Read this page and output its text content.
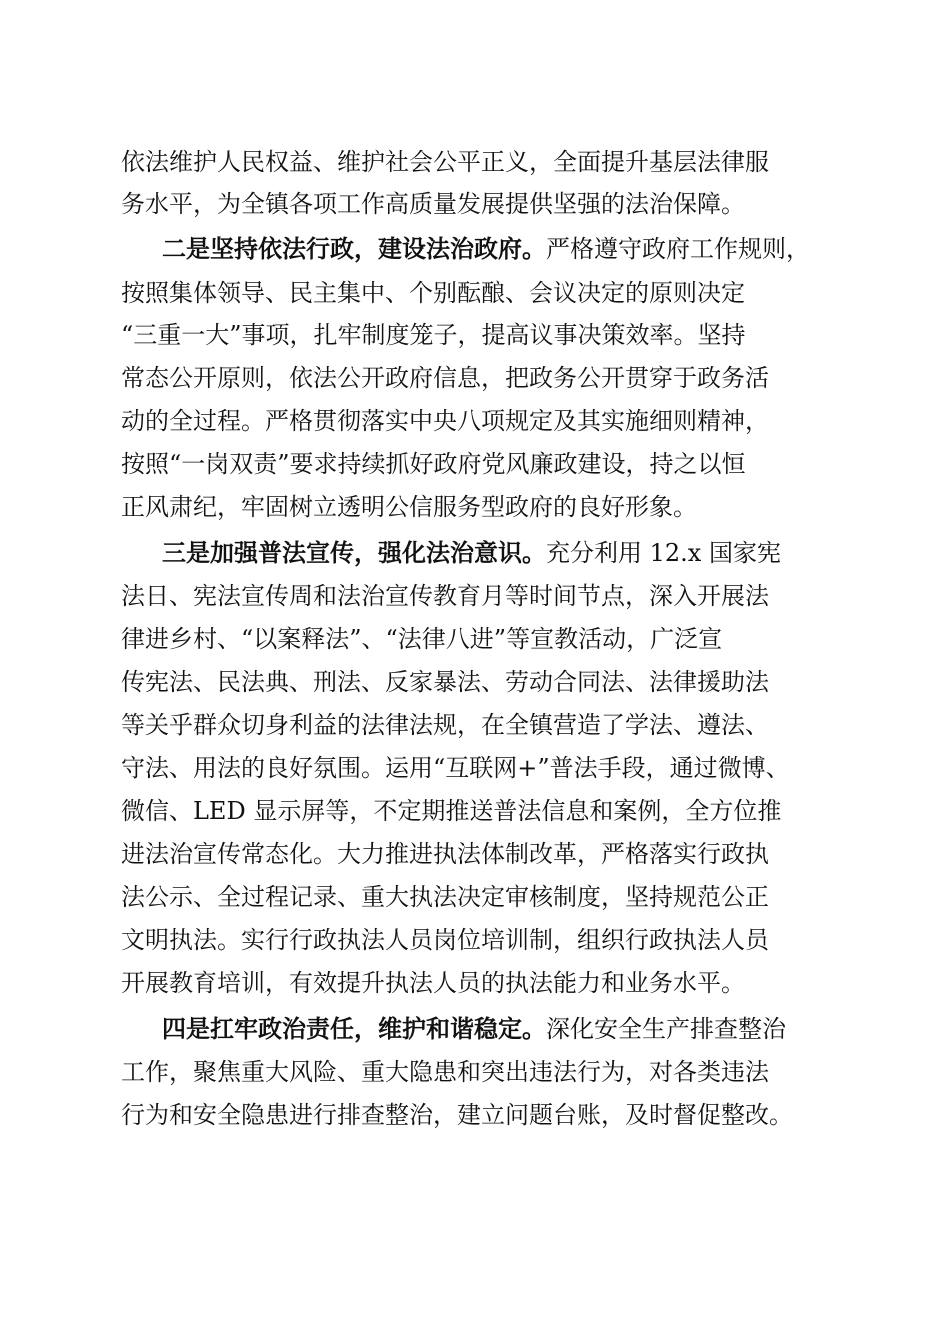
依法维护人民权益、维护社会公平正义，全面提升基层法律服

务水平，为全镇各项工作高质量发展提供坚强的法治保障。

二是坚持依法行政，建设法治政府。严格遵守政府工作规则，

按照集体领导、民主集中、个别酝酿、会议决定的原则决定

“三重一大”事项，扎牢制度笼子，提高议事决策效率。坚持

常态公开原则，依法公开政府信息，把政务公开贯穿于政务活

动的全过程。严格贯彻落实中央八项规定及其实施细则精神，

按照“一岗双责”要求持续抓好政府党风廉政建设，持之以恒

正风肃纪，牢固树立透明公信服务型政府的良好形象。

三是加强普法宣传，强化法治意识。充分利用 12.x 国家宪

法日、宪法宣传周和法治宣传教育月等时间节点，深入开展法

律进乡村、“以案释法”、“法律八进”等宣教活动，广泛宣

传宪法、民法典、刑法、反家暴法、劳动合同法、法律援助法

等关乎群众切身利益的法律法规，在全镇营造了学法、遵法、

守法、用法的良好氛围。运用“互联网+”普法手段，通过微博、

微信、LED 显示屏等，不定期推送普法信息和案例，全方位推

进法治宣传常态化。大力推进执法体制改革，严格落实行政执

法公示、全过程记录、重大执法决定审核制度，坚持规范公正

文明执法。实行行政执法人员岗位培训制，组织行政执法人员

开展教育培训，有效提升执法人员的执法能力和业务水平。

四是扛牢政治责任，维护和谐稳定。深化安全生产排查整治

工作，聚焦重大风险、重大隐患和突出违法行为，对各类违法

行为和安全隐患进行排查整治，建立问题台账，及时督促整改。
